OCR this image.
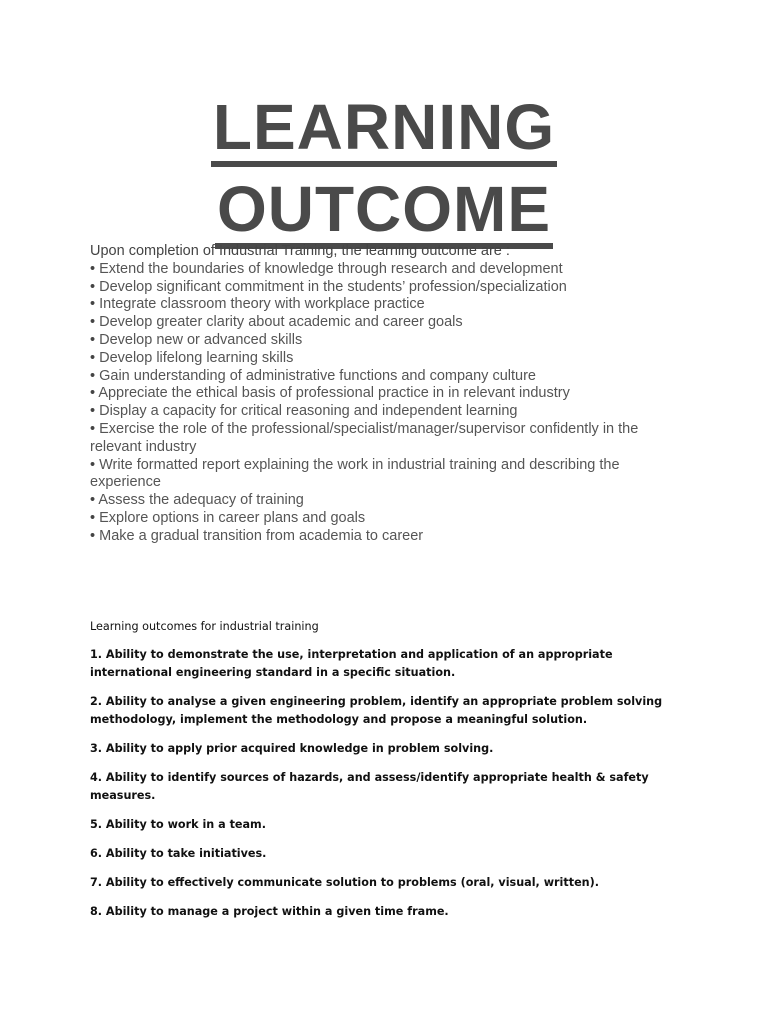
LEARNING
OUTCOME
Upon completion of Industrial Training, the learning outcome are :
• Extend the boundaries of knowledge through research and development
• Develop significant commitment in the students’ profession/specialization
• Integrate classroom theory with workplace practice
• Develop greater clarity about academic and career goals
• Develop new or advanced skills
• Develop lifelong learning skills
• Gain understanding of administrative functions and company culture
• Appreciate the ethical basis of professional practice in in relevant industry
• Display a capacity for critical reasoning and independent learning
• Exercise the role of the professional/specialist/manager/supervisor confidently in the relevant industry
• Write formatted report explaining the work in industrial training and describing the experience
• Assess the adequacy of training
• Explore options in career plans and goals
• Make a gradual transition from academia to career
Learning outcomes for industrial training
1. Ability to demonstrate the use, interpretation and application of an appropriate international engineering standard in a specific situation.
2. Ability to analyse a given engineering problem, identify an appropriate problem solving methodology, implement the methodology and propose a meaningful solution.
3. Ability to apply prior acquired knowledge in problem solving.
4. Ability to identify sources of hazards, and assess/identify appropriate health & safety measures.
5. Ability to work in a team.
6. Ability to take initiatives.
7. Ability to effectively communicate solution to problems (oral, visual, written).
8. Ability to manage a project within a given time frame.
